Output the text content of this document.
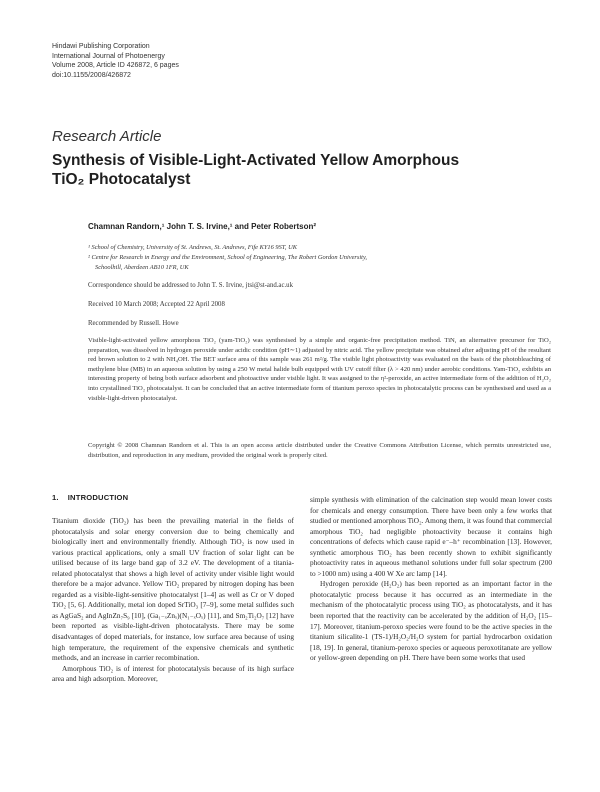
Hindawi Publishing Corporation
International Journal of Photoenergy
Volume 2008, Article ID 426872, 6 pages
doi:10.1155/2008/426872
Research Article
Synthesis of Visible-Light-Activated Yellow Amorphous
TiO₂ Photocatalyst
Chamnan Randorn,¹ John T. S. Irvine,¹ and Peter Robertson²
¹ School of Chemistry, University of St. Andrews, St. Andrews, Fife KY16 9ST, UK
² Centre for Research in Energy and the Environment, School of Engineering, The Robert Gordon University,
Schoolhill, Aberdeen AB10 1FR, UK
Correspondence should be addressed to John T. S. Irvine, jtsi@st-and.ac.uk
Received 10 March 2008; Accepted 22 April 2008
Recommended by Russell. Howe
Visible-light-activated yellow amorphous TiO₂ (yam-TiO₂) was synthesised by a simple and organic-free precipitation method. TiN, an alternative precursor for TiO₂ preparation, was dissolved in hydrogen peroxide under acidic condition (pH∼1) adjusted by nitric acid. The yellow precipitate was obtained after adjusting pH of the resultant red brown solution to 2 with NH₄OH. The BET surface area of this sample was 261 m²/g. The visible light photoactivity was evaluated on the basis of the photobleaching of methylene blue (MB) in an aqueous solution by using a 250 W metal halide bulb equipped with UV cutoff filter (λ > 420 nm) under aerobic conditions. Yam-TiO₂ exhibits an interesting property of being both surface adsorbent and photoactive under visible light. It was assigned to the η²-peroxide, an active intermediate form of the addition of H₂O₂ into crystallined TiO₂ photocatalyst. It can be concluded that an active intermediate form of titanium peroxo species in photocatalytic process can be synthesised and used as a visible-light-driven photocatalyst.
Copyright © 2008 Chamnan Randorn et al. This is an open access article distributed under the Creative Commons Attribution License, which permits unrestricted use, distribution, and reproduction in any medium, provided the original work is properly cited.
1. INTRODUCTION

Titanium dioxide (TiO₂) has been the prevailing material in the fields of photocatalysis and solar energy conversion due to being chemically and biologically inert and environmentally friendly. Although TiO₂ is now used in various practical applications, only a small UV fraction of solar light can be utilised because of its large band gap of 3.2 eV. The development of a titania-related photocatalyst that shows a high level of activity under visible light would therefore be a major advance. Yellow TiO₂ prepared by nitrogen doping has been regarded as a visible-light-sensitive photocatalyst [1–4] as well as Cr or V doped TiO₂ [5, 6]. Additionally, metal ion doped SrTiO₃ [7–9], some metal sulfides such as AgGaS₂ and AgInZn₇S₉ [10], (Ga₁₋ₓZnₓ)(N₁₋ₓOₓ) [11], and Sm₂Ti₂O₇ [12] have been reported as visible-light-driven photocatalysts. There may be some disadvantages of doped materials, for instance, low surface area because of using high temperature, the requirement of the expensive chemicals and synthetic methods, and an increase in carrier recombination.

Amorphous TiO₂ is of interest for photocatalysis because of its high surface area and high adsorption. Moreover,

simple synthesis with elimination of the calcination step would mean lower costs for chemicals and energy consumption. There have been only a few works that studied or mentioned amorphous TiO₂. Among them, it was found that commercial amorphous TiO₂ had negligible photoactivity because it contains high concentrations of defects which cause rapid e⁻–h⁺ recombination [13]. However, synthetic amorphous TiO₂ has been recently shown to exhibit significantly photoactivity rates in aqueous methanol solutions under full solar spectrum (200 to >1000 nm) using a 400 W Xe arc lamp [14].

Hydrogen peroxide (H₂O₂) has been reported as an important factor in the photocatalytic process because it has occurred as an intermediate in the mechanism of the photocatalytic process using TiO₂ as photocatalysts, and it has been reported that the reactivity can be accelerated by the addition of H₂O₂ [15–17]. Moreover, titanium-peroxo species were found to be the active species in the titanium silicalite-1 (TS-1)/H₂O₂/H₂O system for partial hydrocarbon oxidation [18, 19]. In general, titanium-peroxo species or aqueous peroxotitanate are yellow or yellow-green depending on pH. There have been some works that used
